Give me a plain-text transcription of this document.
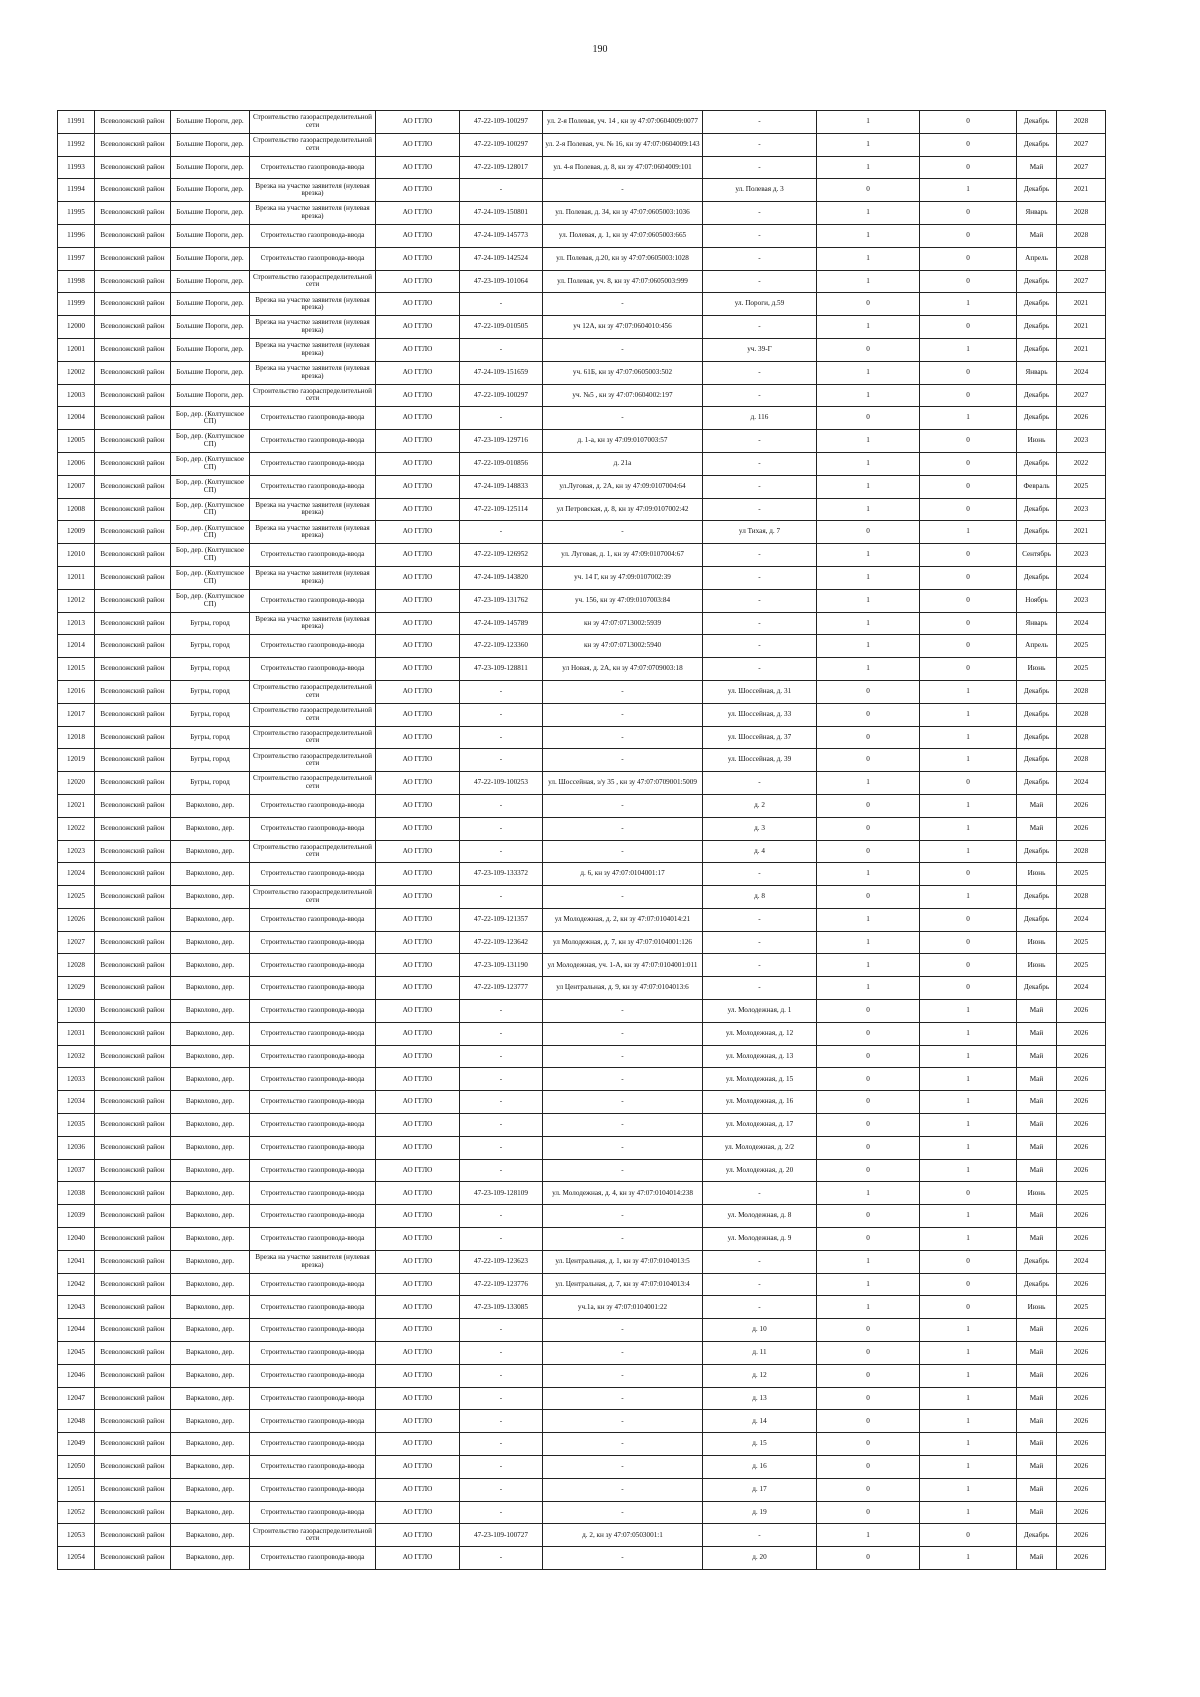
190
11991	Всеволожский район	Большие Пороги, дер.	Строительство газораспределительной сети	АО ГГЛО	47-22-109-100297	ул. 2-я Полевая, уч. 14 , кн зу 47:07:0604009:0077	-	1	0	Декабрь	2028
11992	Всеволожский район	Большие Пороги, дер.	Строительство газораспределительной сети	АО ГГЛО	47-22-109-100297	ул. 2-я Полевая, уч. № 16, кн зу 47:07:0604009:143	-	1	0	Декабрь	2027
11993	Всеволожский район	Большие Пороги, дер.	Строительство газопровода-ввода	АО ГГЛО	47-22-109-128017	ул. 4-я Полевая, д. 8, кн зу 47:07:0604009:101	-	1	0	Май	2027
11994	Всеволожский район	Большие Пороги, дер.	Врезка на участке заявителя (нулевая врезка)	АО ГГЛО	-	-	ул. Полевая д. 3	0	1	Декабрь	2021
11995	Всеволожский район	Большие Пороги, дер.	Врезка на участке заявителя (нулевая врезка)	АО ГГЛО	47-24-109-150801	ул. Полевая, д. 34, кн зу 47:07:0605003:1036	-	1	0	Январь	2028
11996	Всеволожский район	Большие Пороги, дер.	Строительство газопровода-ввода	АО ГГЛО	47-24-109-145773	ул. Полевая, д. 1, кн зу 47:07:0605003:665	-	1	0	Май	2028
11997	Всеволожский район	Большие Пороги, дер.	Строительство газопровода-ввода	АО ГГЛО	47-24-109-142524	ул. Полевая, д.20, кн зу 47:07:0605003:1028	-	1	0	Апрель	2028
11998	Всеволожский район	Большие Пороги, дер.	Строительство газораспределительной сети	АО ГГЛО	47-23-109-101064	ул. Полевая, уч. 8, кн зу 47:07:0605003:999	-	1	0	Декабрь	2027
11999	Всеволожский район	Большие Пороги, дер.	Врезка на участке заявителя (нулевая врезка)	АО ГГЛО	-	-	ул. Пороги, д.59	0	1	Декабрь	2021
12000	Всеволожский район	Большие Пороги, дер.	Врезка на участке заявителя (нулевая врезка)	АО ГГЛО	47-22-109-010505	уч 12А, кн зу 47:07:0604010:456	-	1	0	Декабрь	2021
12001	Всеволожский район	Большие Пороги, дер.	Врезка на участке заявителя (нулевая врезка)	АО ГГЛО	-	-	уч. 39-Г	0	1	Декабрь	2021
12002	Всеволожский район	Большие Пороги, дер.	Врезка на участке заявителя (нулевая врезка)	АО ГГЛО	47-24-109-151659	уч. 61Б, кн зу 47:07:0605003:502	-	1	0	Январь	2024
12003	Всеволожский район	Большие Пороги, дер.	Строительство газораспределительной сети	АО ГГЛО	47-22-109-100297	уч. №5 , кн зу 47:07:0604002:197	-	1	0	Декабрь	2027
12004	Всеволожский район	Бор, дер. (Колтушское СП)	Строительство газопровода-ввода	АО ГГЛО	-	-	д. 116	0	1	Декабрь	2026
12005	Всеволожский район	Бор, дер. (Колтушское СП)	Строительство газопровода-ввода	АО ГГЛО	47-23-109-129716	д. 1-а, кн зу 47:09:0107003:57	-	1	0	Июнь	2023
12006	Всеволожский район	Бор, дер. (Колтушское СП)	Строительство газопровода-ввода	АО ГГЛО	47-22-109-010856	д. 21а	-	1	0	Декабрь	2022
12007	Всеволожский район	Бор, дер. (Колтушское СП)	Строительство газопровода-ввода	АО ГГЛО	47-24-109-148833	ул.Луговая, д. 2А, кн зу 47:09:0107004:64	-	1	0	Февраль	2025
12008	Всеволожский район	Бор, дер. (Колтушское СП)	Врезка на участке заявителя (нулевая врезка)	АО ГГЛО	47-22-109-125114	ул Петровская, д. 8, кн зу 47:09:0107002:42	-	1	0	Декабрь	2023
12009	Всеволожский район	Бор, дер. (Колтушское СП)	Врезка на участке заявителя (нулевая врезка)	АО ГГЛО	-	-	ул Тихая, д. 7	0	1	Декабрь	2021
12010	Всеволожский район	Бор, дер. (Колтушское СП)	Строительство газопровода-ввода	АО ГГЛО	47-22-109-126952	ул. Луговая, д. 1, кн зу 47:09:0107004:67	-	1	0	Сентябрь	2023
12011	Всеволожский район	Бор, дер. (Колтушское СП)	Врезка на участке заявителя (нулевая врезка)	АО ГГЛО	47-24-109-143820	уч. 14 Г, кн зу 47:09:0107002:39	-	1	0	Декабрь	2024
12012	Всеволожский район	Бор, дер. (Колтушское СП)	Строительство газопровода-ввода	АО ГГЛО	47-23-109-131762	уч. 156, кн зу 47:09:0107003:84	-	1	0	Ноябрь	2023
12013	Всеволожский район	Бугры, город	Врезка на участке заявителя (нулевая врезка)	АО ГГЛО	47-24-109-145789	кн зу 47:07:0713002:5939	-	1	0	Январь	2024
12014	Всеволожский район	Бугры, город	Строительство газопровода-ввода	АО ГГЛО	47-22-109-123360	кн зу 47:07:0713002:5940	-	1	0	Апрель	2025
12015	Всеволожский район	Бугры, город	Строительство газопровода-ввода	АО ГГЛО	47-23-109-128811	ул Новая, д. 2А, кн зу 47:07:0709003:18	-	1	0	Июнь	2025
12016	Всеволожский район	Бугры, город	Строительство газораспределительной сети	АО ГГЛО	-	-	ул. Шоссейная, д. 31	0	1	Декабрь	2028
12017	Всеволожский район	Бугры, город	Строительство газораспределительной сети	АО ГГЛО	-	-	ул. Шоссейная, д. 33	0	1	Декабрь	2028
12018	Всеволожский район	Бугры, город	Строительство газораспределительной сети	АО ГГЛО	-	-	ул. Шоссейная, д. 37	0	1	Декабрь	2028
12019	Всеволожский район	Бугры, город	Строительство газораспределительной сети	АО ГГЛО	-	-	ул. Шоссейная, д. 39	0	1	Декабрь	2028
12020	Всеволожский район	Бугры, город	Строительство газораспределительной сети	АО ГГЛО	47-22-109-100253	ул. Шоссейная, з/у 35 , кн зу 47:07:0709001:5009	-	1	0	Декабрь	2024
12021	Всеволожский район	Варколово, дер.	Строительство газопровода-ввода	АО ГГЛО	-	-	д. 2	0	1	Май	2026
12022	Всеволожский район	Варколово, дер.	Строительство газопровода-ввода	АО ГГЛО	-	-	д. 3	0	1	Май	2026
12023	Всеволожский район	Варколово, дер.	Строительство газораспределительной сети	АО ГГЛО	-	-	д. 4	0	1	Декабрь	2028
12024	Всеволожский район	Варколово, дер.	Строительство газопровода-ввода	АО ГГЛО	47-23-109-133372	д. 6, кн зу 47:07:0104001:17	-	1	0	Июнь	2025
12025	Всеволожский район	Варколово, дер.	Строительство газораспределительной сети	АО ГГЛО	-	-	д. 8	0	1	Декабрь	2028
12026	Всеволожский район	Варколово, дер.	Строительство газопровода-ввода	АО ГГЛО	47-22-109-121357	ул Молодежная, д. 2, кн зу 47:07:0104014:21	-	1	0	Декабрь	2024
12027	Всеволожский район	Варколово, дер.	Строительство газопровода-ввода	АО ГГЛО	47-22-109-123642	ул Молодежная, д. 7, кн зу 47:07:0104001:126	-	1	0	Июнь	2025
12028	Всеволожский район	Варколово, дер.	Строительство газопровода-ввода	АО ГГЛО	47-23-109-131190	ул Молодежная, уч. 1-А, кн зу 47:07:0104001:011	-	1	0	Июнь	2025
12029	Всеволожский район	Варколово, дер.	Строительство газопровода-ввода	АО ГГЛО	47-22-109-123777	ул Центральная, д. 9, кн зу 47:07:0104013:6	-	1	0	Декабрь	2024
12030	Всеволожский район	Варколово, дер.	Строительство газопровода-ввода	АО ГГЛО	-	-	ул. Молодежная, д. 1	0	1	Май	2026
12031	Всеволожский район	Варколово, дер.	Строительство газопровода-ввода	АО ГГЛО	-	-	ул. Молодежная, д. 12	0	1	Май	2026
12032	Всеволожский район	Варколово, дер.	Строительство газопровода-ввода	АО ГГЛО	-	-	ул. Молодежная, д. 13	0	1	Май	2026
12033	Всеволожский район	Варколово, дер.	Строительство газопровода-ввода	АО ГГЛО	-	-	ул. Молодежная, д. 15	0	1	Май	2026
12034	Всеволожский район	Варколово, дер.	Строительство газопровода-ввода	АО ГГЛО	-	-	ул. Молодежная, д. 16	0	1	Май	2026
12035	Всеволожский район	Варколово, дер.	Строительство газопровода-ввода	АО ГГЛО	-	-	ул. Молодежная, д. 17	0	1	Май	2026
12036	Всеволожский район	Варколово, дер.	Строительство газопровода-ввода	АО ГГЛО	-	-	ул. Молодежная, д. 2/2	0	1	Май	2026
12037	Всеволожский район	Варколово, дер.	Строительство газопровода-ввода	АО ГГЛО	-	-	ул. Молодежная, д. 20	0	1	Май	2026
12038	Всеволожский район	Варколово, дер.	Строительство газопровода-ввода	АО ГГЛО	47-23-109-128109	ул. Молодежная, д. 4, кн зу 47:07:0104014:238	-	1	0	Июнь	2025
12039	Всеволожский район	Варколово, дер.	Строительство газопровода-ввода	АО ГГЛО	-	-	ул. Молодежная, д. 8	0	1	Май	2026
12040	Всеволожский район	Варколово, дер.	Строительство газопровода-ввода	АО ГГЛО	-	-	ул. Молодежная, д. 9	0	1	Май	2026
12041	Всеволожский район	Варколово, дер.	Врезка на участке заявителя (нулевая врезка)	АО ГГЛО	47-22-109-123623	ул. Центральная, д. 1, кн зу 47:07:0104013:5	-	1	0	Декабрь	2024
12042	Всеволожский район	Варколово, дер.	Строительство газопровода-ввода	АО ГГЛО	47-22-109-123776	ул. Центральная, д. 7, кн зу 47:07:0104013:4	-	1	0	Декабрь	2026
12043	Всеволожский район	Варколово, дер.	Строительство газопровода-ввода	АО ГГЛО	47-23-109-133085	уч.1а, кн зу 47:07:0104001:22	-	1	0	Июнь	2025
12044	Всеволожский район	Варкалово, дер.	Строительство газопровода-ввода	АО ГГЛО	-	-	д. 10	0	1	Май	2026
12045	Всеволожский район	Варкалово, дер.	Строительство газопровода-ввода	АО ГГЛО	-	-	д. 11	0	1	Май	2026
12046	Всеволожский район	Варкалово, дер.	Строительство газопровода-ввода	АО ГГЛО	-	-	д. 12	0	1	Май	2026
12047	Всеволожский район	Варкалово, дер.	Строительство газопровода-ввода	АО ГГЛО	-	-	д. 13	0	1	Май	2026
12048	Всеволожский район	Варкалово, дер.	Строительство газопровода-ввода	АО ГГЛО	-	-	д. 14	0	1	Май	2026
12049	Всеволожский район	Варкалово, дер.	Строительство газопровода-ввода	АО ГГЛО	-	-	д. 15	0	1	Май	2026
12050	Всеволожский район	Варкалово, дер.	Строительство газопровода-ввода	АО ГГЛО	-	-	д. 16	0	1	Май	2026
12051	Всеволожский район	Варкалово, дер.	Строительство газопровода-ввода	АО ГГЛО	-	-	д. 17	0	1	Май	2026
12052	Всеволожский район	Варкалово, дер.	Строительство газопровода-ввода	АО ГГЛО	-	-	д. 19	0	1	Май	2026
12053	Всеволожский район	Варкалово, дер.	Строительство газораспределительной сети	АО ГГЛО	47-23-109-100727	д. 2, кн зу 47:07:0503001:1	-	1	0	Декабрь	2026
12054	Всеволожский район	Варкалово, дер.	Строительство газопровода-ввода	АО ГГЛО	-	-	д. 20	0	1	Май	2026
